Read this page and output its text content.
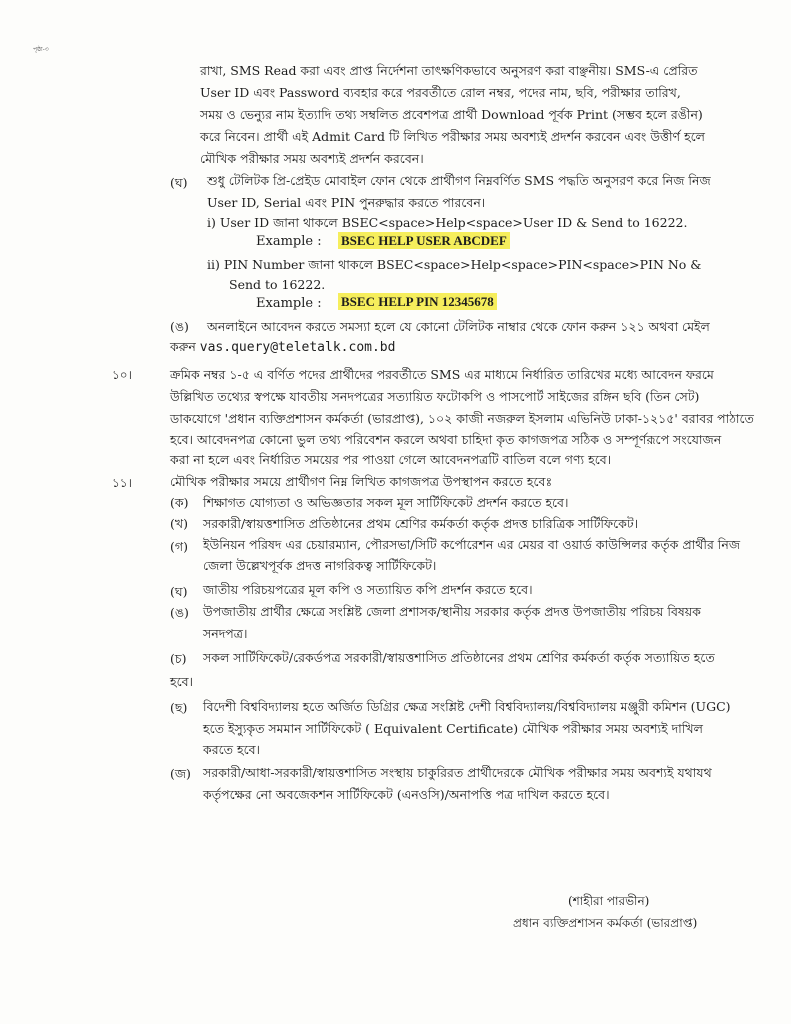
পৃষ্ঠা-৩
রাখা, SMS Read করা এবং প্রাপ্ত নির্দেশনা তাৎক্ষণিকভাবে অনুসরণ করা বাঞ্ছনীয়। SMS-এ প্রেরিত
User ID এবং Password ব্যবহার করে পরবর্তীতে রোল নম্বর, পদের নাম, ছবি, পরীক্ষার তারিখ,
সময় ও ভেন্যুর নাম ইত্যাদি তথ্য সম্বলিত প্রবেশপত্র প্রার্থী Download পূর্বক Print (সম্ভব হলে রঙীন)
করে নিবেন। প্রার্থী এই Admit Card টি লিখিত পরীক্ষার সময় অবশ্যই প্রদর্শন করবেন এবং উত্তীর্ণ হলে
মৌখিক পরীক্ষার সময় অবশ্যই প্রদর্শন করবেন।
(ঘ) শুধু টেলিটক প্রি-প্রেইড মোবাইল ফোন থেকে প্রার্থীগণ নিম্নবর্ণিত SMS পদ্ধতি অনুসরণ করে নিজ নিজ
User ID, Serial এবং PIN পুনরুদ্ধার করতে পারবেন।
i) User ID জানা থাকলে BSEC<space>Help<space>User ID & Send to 16222.
Example : BSEC HELP USER ABCDEF
ii) PIN Number জানা থাকলে BSEC<space>Help<space>PIN<space>PIN No &
Send to 16222.
Example : BSEC HELP PIN 12345678
(ঙ) অনলাইনে আবেদন করতে সমস্যা হলে যে কোনো টেলিটক নাম্বার থেকে ফোন করুন ১২১ অথবা মেইল
করুন vas.query@teletalk.com.bd
১০।	ক্রমিক নম্বর ১-৫ এ বর্ণিত পদের প্রার্থীদের পরবর্তীতে SMS এর মাধ্যমে নির্ধারিত তারিখের মধ্যে আবেদন ফরমে
উল্লিখিত তথ্যের স্বপক্ষে যাবতীয় সনদপত্রের সত্যায়িত ফটোকপি ও পাসপোর্ট সাইজের রঙ্গিন ছবি (তিন সেট)
ডাকযোগে 'প্রধান ব্যক্তিপ্রশাসন কর্মকর্তা (ভারপ্রাপ্ত), ১০২ কাজী নজরুল ইসলাম এভিনিউ ঢাকা-১২১৫' বরাবর পাঠাতে
হবে। আবেদনপত্র কোনো ভুল তথ্য পরিবেশন করলে অথবা চাহিদা কৃত কাগজপত্র সঠিক ও সম্পূর্ণরূপে সংযোজন
করা না হলে এবং নির্ধারিত সময়ের পর পাওয়া গেলে আবেদনপত্রটি বাতিল বলে গণ্য হবে।
১১।	মৌখিক পরীক্ষার সময়ে প্রার্থীগণ নিম্ন লিখিত কাগজপত্র উপস্থাপন করতে হবেঃ
(ক) শিক্ষাগত যোগ্যতা ও অভিজ্ঞতার সকল মূল সার্টিফিকেট প্রদর্শন করতে হবে।
(খ) সরকারী/স্বায়ত্তশাসিত প্রতিষ্ঠানের প্রথম শ্রেণির কর্মকর্তা কর্তৃক প্রদত্ত চারিত্রিক সার্টিফিকেট।
(গ) ইউনিয়ন পরিষদ এর চেয়ারম্যান, পৌরসভা/সিটি কর্পোরেশন এর মেয়র বা ওয়ার্ড কাউন্সিলর কর্তৃক প্রার্থীর নিজ
জেলা উল্লেখপূর্বক প্রদত্ত নাগরিকত্ব সার্টিফিকেট।
(ঘ) জাতীয় পরিচয়পত্রের মূল কপি ও সত্যায়িত কপি প্রদর্শন করতে হবে।
(ঙ) উপজাতীয় প্রার্থীর ক্ষেত্রে সংশ্লিষ্ট জেলা প্রশাসক/স্থানীয় সরকার কর্তৃক প্রদত্ত উপজাতীয় পরিচয় বিষয়ক
সনদপত্র।
(চ) সকল সার্টিফিকেট/রেকর্ডপত্র সরকারী/স্বায়ত্তশাসিত প্রতিষ্ঠানের প্রথম শ্রেণির কর্মকর্তা কর্তৃক সত্যায়িত হতে
হবে।
(ছ) বিদেশী বিশ্ববিদ্যালয় হতে অর্জিত ডিগ্রির ক্ষেত্র সংশ্লিষ্ট দেশী বিশ্ববিদ্যালয়/বিশ্ববিদ্যালয় মঞ্জুরী কমিশন (UGC)
হতে ইস্যুকৃত সমমান সার্টিফিকেট ( Equivalent Certificate) মৌখিক পরীক্ষার সময় অবশ্যই দাখিল
করতে হবে।
(জ) সরকারী/আধা-সরকারী/স্বায়ত্তশাসিত সংস্থায় চাকুরিরত প্রার্থীদেরকে মৌখিক পরীক্ষার সময় অবশ্যই যথাযথ
কর্তৃপক্ষের নো অবজেকশন সার্টিফিকেট (এনওসি)/অনাপত্তি পত্র দাখিল করতে হবে।
(শাহীরা পারভীন)
প্রধান ব্যক্তিপ্রশাসন কর্মকর্তা (ভারপ্রাপ্ত)
